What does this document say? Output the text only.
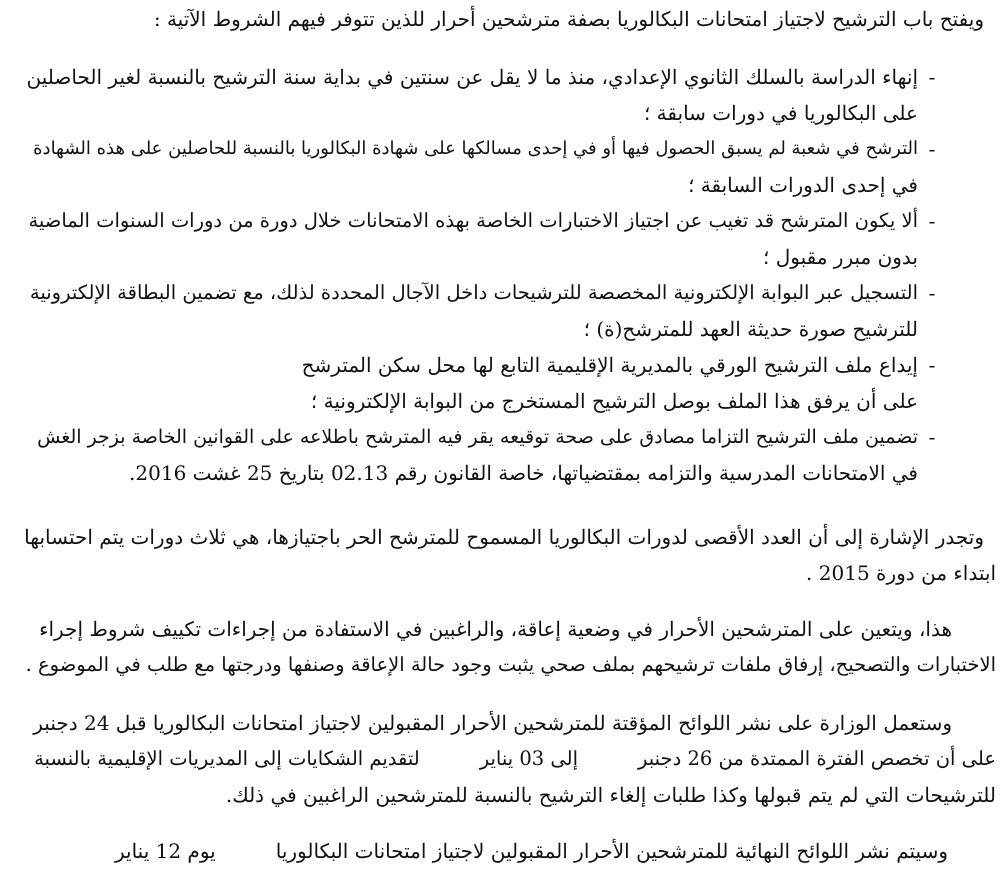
ويفتح باب الترشيح لاجتياز امتحانات البكالوريا بصفة مترشحين أحرار للذين تتوفر فيهم الشروط الآتية :
-
إنهاء الدراسة بالسلك الثانوي الإعدادي، منذ ما لا يقل عن سنتين في بداية سنة الترشيح بالنسبة لغير الحاصلين
على البكالوريا في دورات سابقة ؛
-
الترشح في شعبة لم يسبق الحصول فيها أو في إحدى مسالكها على شهادة البكالوريا بالنسبة للحاصلين على هذه الشهادة
في إحدى الدورات السابقة ؛
-
ألا يكون المترشح قد تغيب عن اجتياز الاختبارات الخاصة بهذه الامتحانات خلال دورة من دورات السنوات الماضية
بدون مبرر مقبول ؛
-
التسجيل عبر البوابة الإلكترونية المخصصة للترشيحات داخل الآجال المحددة لذلك، مع تضمين البطاقة الإلكترونية
للترشيح صورة حديثة العهد للمترشح(ة) ؛
-
إيداع ملف الترشيح الورقي بالمديرية الإقليمية التابع لها محل سكن المترشح
على أن يرفق هذا الملف بوصل الترشيح المستخرج من البوابة الإلكترونية ؛
-
تضمين ملف الترشيح التزاما مصادق على صحة توقيعه يقر فيه المترشح باطلاعه على القوانين الخاصة بزجر الغش
في الامتحانات المدرسية والتزامه بمقتضياتها، خاصة القانون رقم 02.13 بتاريخ 25 غشت 2016.
وتجدر الإشارة إلى أن العدد الأقصى لدورات البكالوريا المسموح للمترشح الحر باجتيازها، هي ثلاث دورات يتم احتسابها
ابتداء من دورة 2015 .
هذا، ويتعين على المترشحين الأحرار في وضعية إعاقة، والراغبين في الاستفادة من إجراءات تكييف شروط إجراء
الاختبارات والتصحيح، إرفاق ملفات ترشيحهم بملف صحي يثبت وجود حالة الإعاقة وصنفها ودرجتها مع طلب في الموضوع .
وستعمل الوزارة على نشر اللوائح المؤقتة للمترشحين الأحرار المقبولين لاجتياز امتحانات البكالوريا قبل 24 دجنبر
على أن تخصص الفترة الممتدة من 26 دجنبرإلى 03 ينايرلتقديم الشكايات إلى المديريات الإقليمية بالنسبة
للترشيحات التي لم يتم قبولها وكذا طلبات إلغاء الترشيح بالنسبة للمترشحين الراغبين في ذلك.
وسيتم نشر اللوائح النهائية للمترشحين الأحرار المقبولين لاجتياز امتحانات البكالوريايوم 12 يناير
